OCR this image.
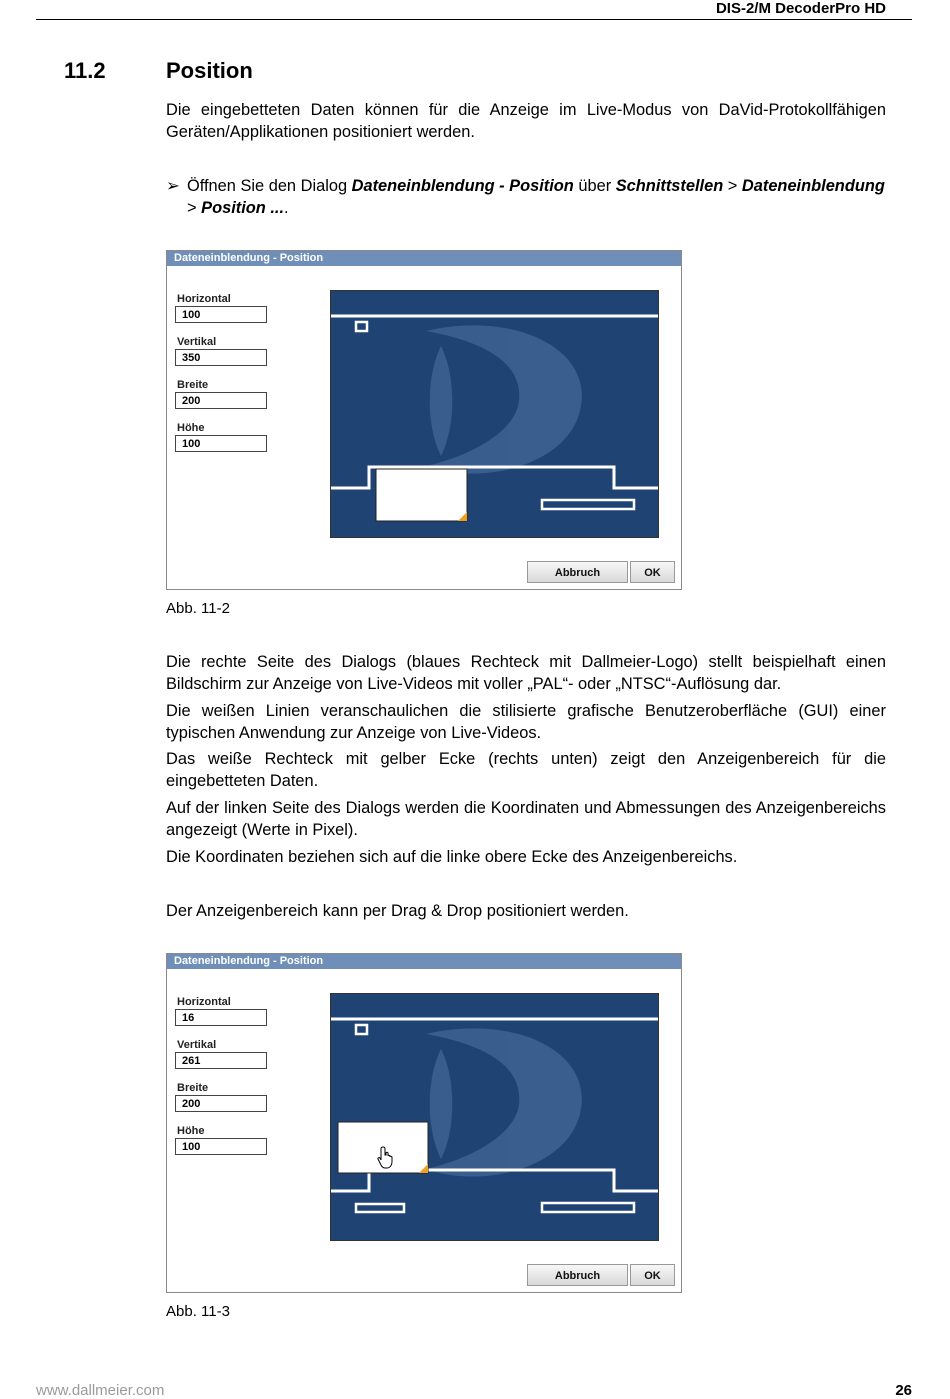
DIS-2/M DecoderPro HD
11.2	Position
Die eingebetteten Daten können für die Anzeige im Live-Modus von DaVid-Protokollfähigen Geräten/Applikationen positioniert werden.
➢ Öffnen Sie den Dialog Dateneinblendung - Position über Schnittstellen > Dateneinblendung > Position ....
Dateneinblendung - Position
Horizontal
100
Vertikal
350
Breite
200
Höhe
100
Abbruch	OK
Abb. 11-2
Die rechte Seite des Dialogs (blaues Rechteck mit Dallmeier-Logo) stellt beispielhaft einen Bildschirm zur Anzeige von Live-Videos mit voller „PAL“- oder „NTSC“-Auflösung dar.
Die weißen Linien veranschaulichen die stilisierte grafische Benutzeroberfläche (GUI) einer typischen Anwendung zur Anzeige von Live-Videos.
Das weiße Rechteck mit gelber Ecke (rechts unten) zeigt den Anzeigenbereich für die eingebetteten Daten.
Auf der linken Seite des Dialogs werden die Koordinaten und Abmessungen des Anzeigenbereichs angezeigt (Werte in Pixel).
Die Koordinaten beziehen sich auf die linke obere Ecke des Anzeigenbereichs.
Der Anzeigenbereich kann per Drag & Drop positioniert werden.
Dateneinblendung - Position
Horizontal
16
Vertikal
261
Breite
200
Höhe
100
Abbruch	OK
Abb. 11-3
www.dallmeier.com	26
